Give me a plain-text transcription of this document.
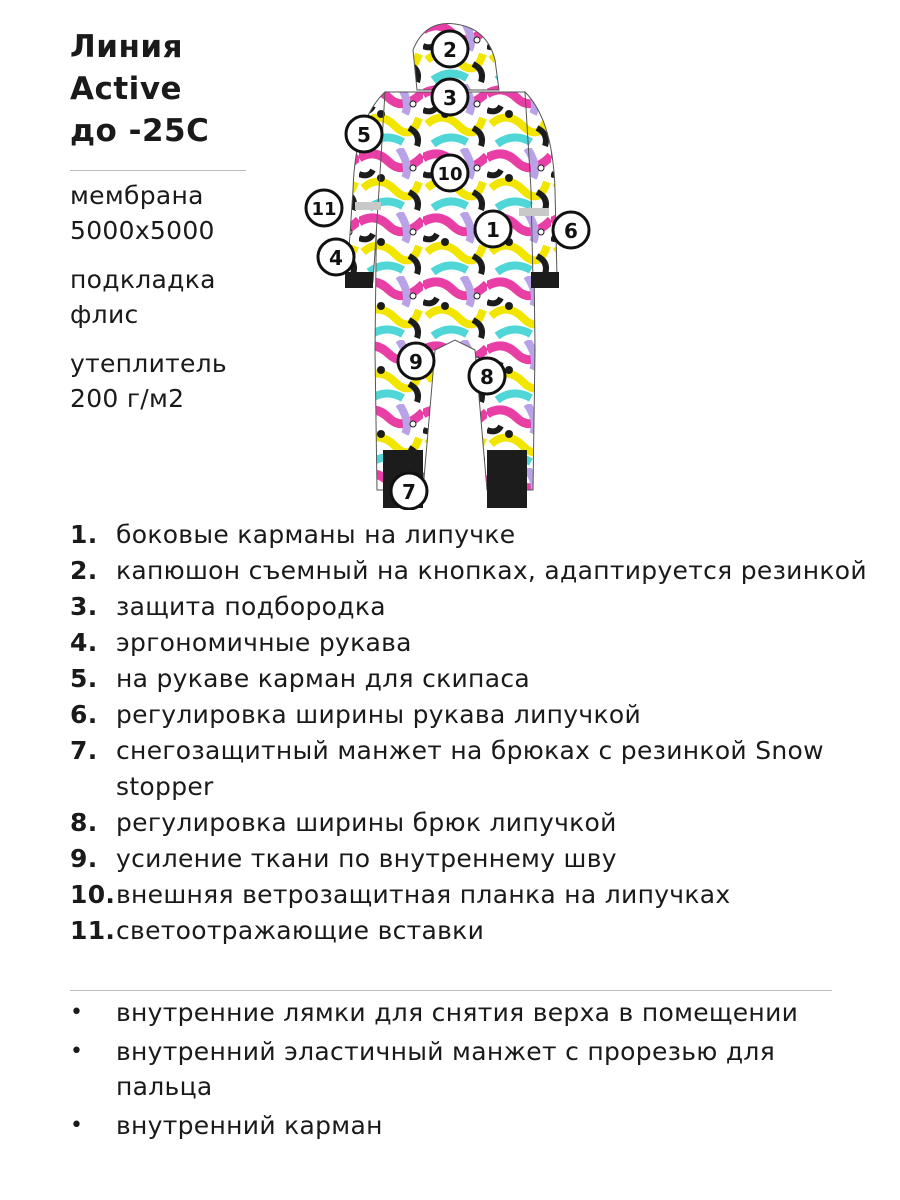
Линия
Active
до -25С
мембрана
5000х5000
подкладка
флис
утеплитель
200 г/м2
2
3
5
10
11
1	6
4
9
8
7
1. боковые карманы на липучке
2. капюшон съемный на кнопках, адаптируется резинкой
3. защита подбородка
4. эргономичные рукава
5. на рукаве карман для скипаса
6. регулировка ширины рукава липучкой
7. снегозащитный манжет на брюках с резинкой Snow stopper
8. регулировка ширины брюк липучкой
9. усиление ткани по внутреннему шву
10. внешняя ветрозащитная планка на липучках
11. светоотражающие вставки
•	внутренние лямки для снятия верха в помещении
•	внутренний эластичный манжет с прорезью для пальца
•	внутренний карман
